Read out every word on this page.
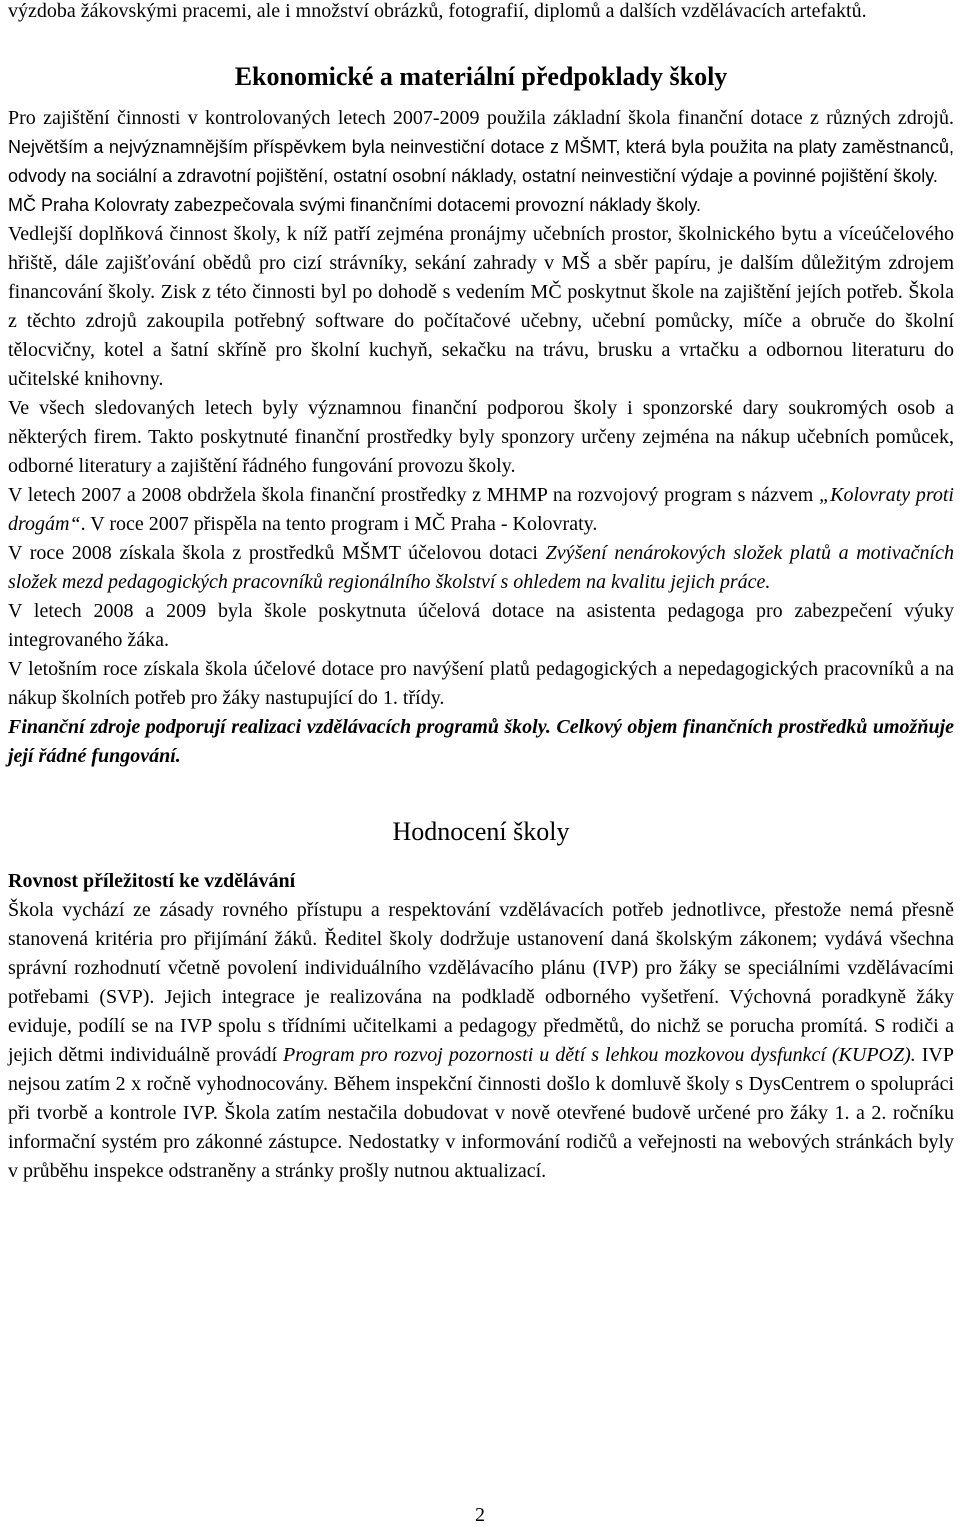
výzdoba žákovskými pracemi, ale i množství obrázků, fotografií, diplomů a dalších vzdělávacích artefaktů.

Ekonomické a materiální předpoklady školy

Pro zajištění činnosti v kontrolovaných letech 2007-2009 použila základní škola finanční dotace z různých zdrojů. Největším a nejvýznamnějším příspěvkem byla neinvestiční dotace z MŠMT, která byla použita na platy zaměstnanců, odvody na sociální a zdravotní pojištění, ostatní osobní náklady, ostatní neinvestiční výdaje a povinné pojištění školy.

MČ Praha Kolovraty zabezpečovala svými finančními dotacemi provozní náklady školy.

Vedlejší doplňková činnost školy, k níž patří zejména pronájmy učebních prostor, školnického bytu a víceúčelového hřiště, dále zajišťování obědů pro cizí strávníky, sekání zahrady v MŠ a sběr papíru, je dalším důležitým zdrojem financování školy. Zisk z této činnosti byl po dohodě s vedením MČ poskytnut škole na zajištění jejích potřeb. Škola z těchto zdrojů zakoupila potřebný software do počítačové učebny, učební pomůcky, míče a obruče do školní tělocvičny, kotel a šatní skříně pro školní kuchyň, sekačku na trávu, brusku a vrtačku a odbornou literaturu do učitelské knihovny.

Ve všech sledovaných letech byly významnou finanční podporou školy i sponzorské dary soukromých osob a některých firem. Takto poskytnuté finanční prostředky byly sponzory určeny zejména na nákup učebních pomůcek, odborné literatury a zajištění řádného fungování provozu školy.

V letech 2007 a 2008 obdržela škola finanční prostředky z MHMP na rozvojový program s názvem „Kolovraty proti drogám“. V roce 2007 přispěla na tento program i MČ Praha - Kolovraty.

V roce 2008 získala škola z prostředků MŠMT účelovou dotaci Zvýšení nenárokových složek platů a motivačních složek mezd pedagogických pracovníků regionálního školství s ohledem na kvalitu jejich práce.

V letech 2008 a 2009 byla škole poskytnuta účelová dotace na asistenta pedagoga pro zabezpečení výuky integrovaného žáka.

V letošním roce získala škola účelové dotace pro navýšení platů pedagogických a nepedagogických pracovníků a na nákup školních potřeb pro žáky nastupující do 1. třídy.

Finanční zdroje podporují realizaci vzdělávacích programů školy. Celkový objem finančních prostředků umožňuje její řádné fungování.

Hodnocení školy
Rovnost příležitostí ke vzdělávání

Škola vychází ze zásady rovného přístupu a respektování vzdělávacích potřeb jednotlivce, přestože nemá přesně stanovená kritéria pro přijímání žáků. Ředitel školy dodržuje ustanovení daná školským zákonem; vydává všechna správní rozhodnutí včetně povolení individuálního vzdělávacího plánu (IVP) pro žáky se speciálními vzdělávacími potřebami (SVP). Jejich integrace je realizována na podkladě odborného vyšetření. Výchovná poradkyně žáky eviduje, podílí se na IVP spolu s třídními učitelkami a pedagogy předmětů, do nichž se porucha promítá. S rodiči a jejich dětmi individuálně provádí Program pro rozvoj pozornosti u dětí s lehkou mozkovou dysfunkcí (KUPOZ). IVP nejsou zatím 2 x ročně vyhodnocovány. Během inspekční činnosti došlo k domluvě školy s DysCentrem o spolupráci při tvorbě a kontrole IVP. Škola zatím nestačila dobudovat v nově otevřené budově určené pro žáky 1. a 2. ročníku informační systém pro zákonné zástupce. Nedostatky v informování rodičů a veřejnosti na webových stránkách byly v průběhu inspekce odstraněny a stránky prošly nutnou aktualizací.

2
